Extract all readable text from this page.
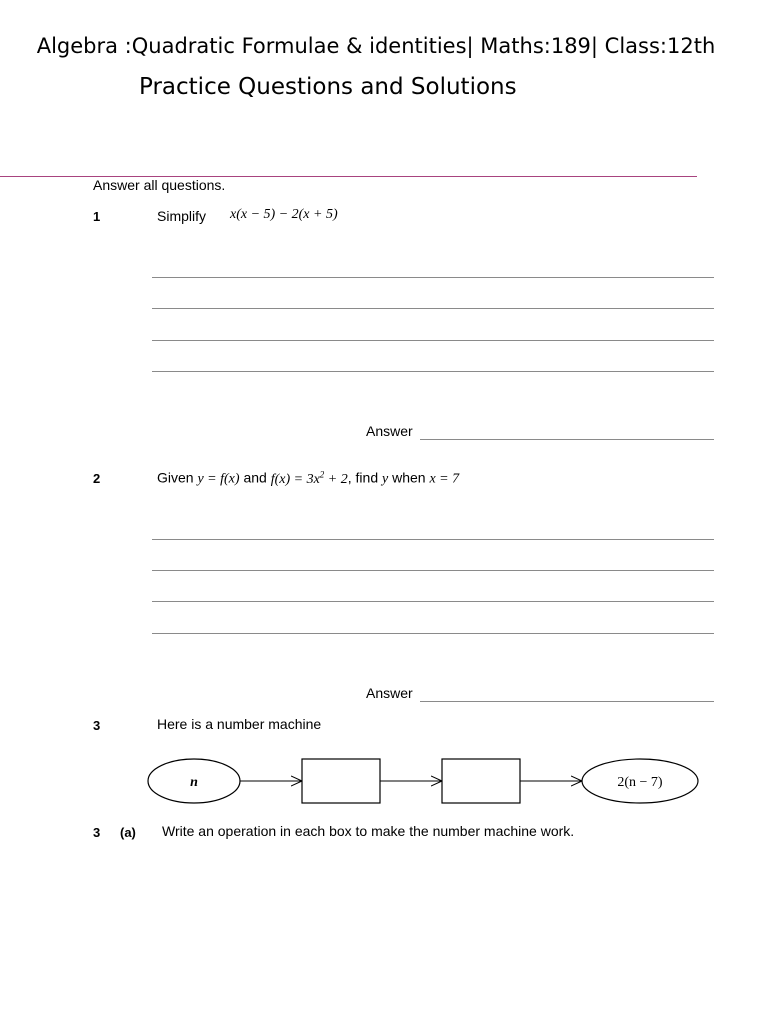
Algebra :Quadratic Formulae & identities| Maths:189| Class:12th
Practice Questions and Solutions
Answer all questions.
1	Simplify x(x − 5) − 2(x + 5)
Answer
2	Given y = f(x) and $f(x) = 3x^2 + 2$, find y when x = 7
Answer
3	Here is a number machine
n	2(n − 7)
3 (a) Write an operation in each box to make the number machine work.
